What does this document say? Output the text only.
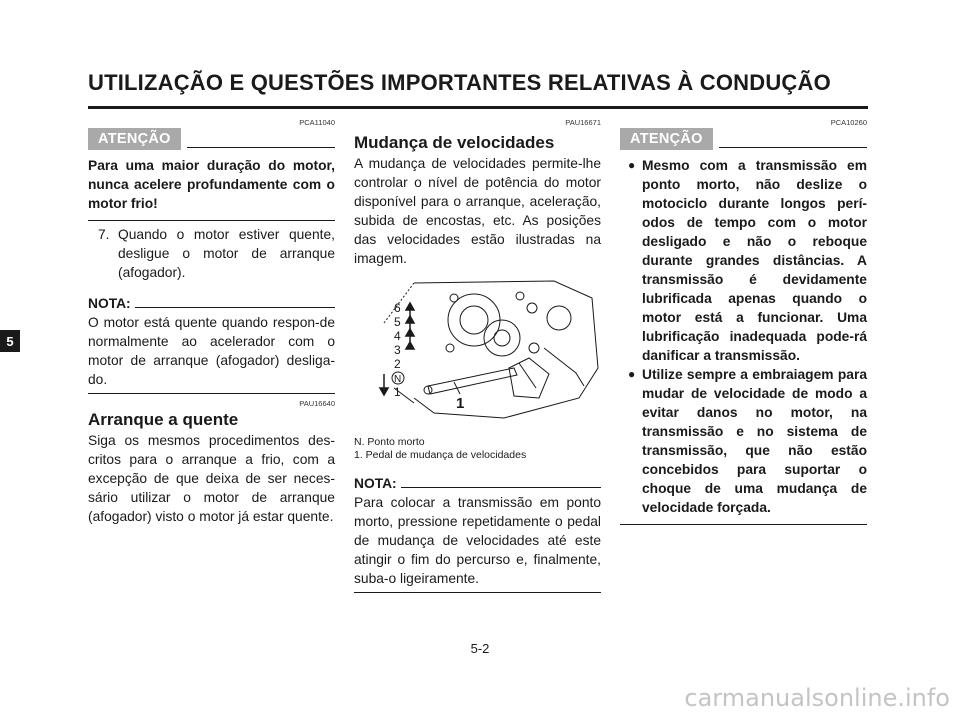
UTILIZAÇÃO E QUESTÕES IMPORTANTES RELATIVAS À CONDUÇÃO
5
PCA11040
ATENÇÃO
Para uma maior duração do motor, nunca acelere profundamente com o motor frio!
7. Quando o motor estiver quente, desligue o motor de arranque (afogador).
NOTA:

O motor está quente quando respon-de normalmente ao acelerador com o motor de arranque (afogador) desliga-do.

PAU16640
Arranque a quente

Siga os mesmos procedimentos des-critos para o arranque a frio, com a excepção de que deixa de ser neces-sário utilizar o motor de arranque (afogador) visto o motor já estar quente.

PAU16671
Mudança de velocidades

A mudança de velocidades permite-lhe controlar o nível de potência do motor disponível para o arranque, aceleração, subida de encostas, etc. As posições das velocidades estão ilustradas na imagem.

6
5
4
3
2
N
1
1
N. Ponto morto
1. Pedal de mudança de velocidades
NOTA:

Para colocar a transmissão em ponto morto, pressione repetidamente o pedal de mudança de velocidades até este atingir o fim do percurso e, finalmente, suba-o ligeiramente.

PCA10260
ATENÇÃO
● Mesmo com a transmissão em ponto morto, não deslize o motociclo durante longos perí-odos de tempo com o motor desligado e não o reboque durante grandes distâncias. A transmissão é devidamente lubrificada apenas quando o motor está a funcionar. Uma lubrificação inadequada pode-rá danificar a transmissão.
● Utilize sempre a embraiagem para mudar de velocidade de modo a evitar danos no motor, na transmissão e no sistema de transmissão, que não estão concebidos para suportar o choque de uma mudança de velocidade forçada.
5-2
carmanualsonline.info
